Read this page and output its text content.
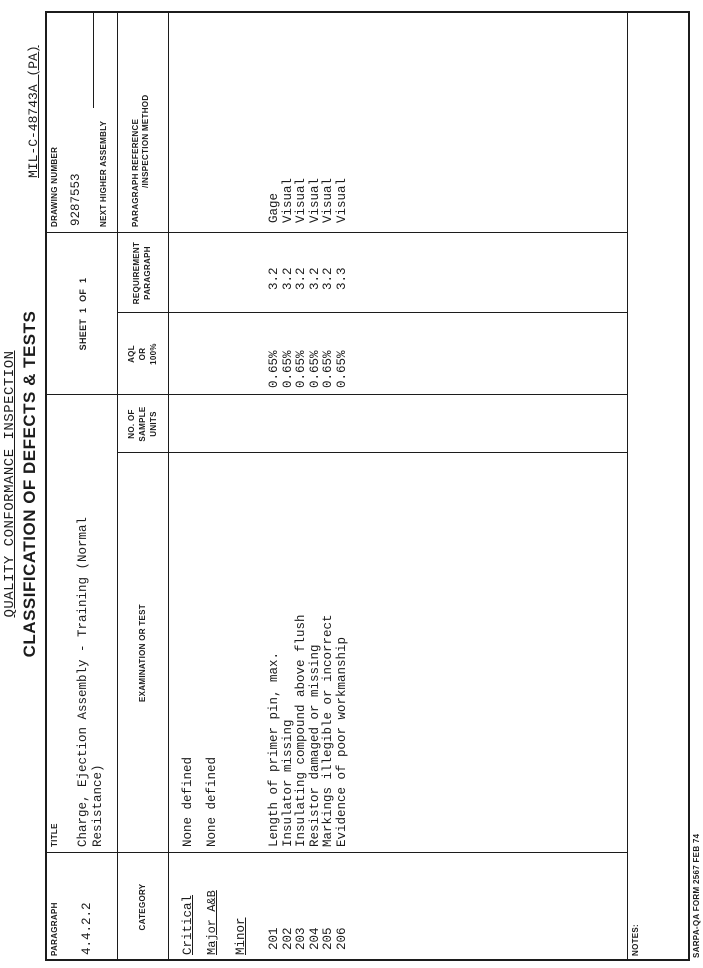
QUALITY CONFORMANCE INSPECTION CLASSIFICATION OF DEFECTS & TESTS
MIL-C-48743A (PA)
PARAGRAPH 4.4.2.2
TITLE Charge, Ejection Assembly - Training (Normal Resistance)
SHEET 1 OF 1
DRAWING NUMBER 9287553 NEXT HIGHER ASSEMBLY
CATEGORY
EXAMINATION OR TEST
NO. OF SAMPLE UNITS
AQL OR 100%
REQUIREMENT PARAGRAPH
PARAGRAPH REFERENCE /INSPECTION METHOD
Critical
None defined
Major A&B
None defined
Minor 201
Length of primer pin, max.
0.65%
3.2
Gage
202
Insulator missing
0.65%
3.2
Visual
203
Insulating compound above flush
0.65%
3.2
Visual
204
Resistor damaged or missing
0.65%
3.2
Visual
205
Markings illegible or incorrect
0.65%
3.2
Visual
206
Evidence of poor workmanship
0.65%
3.3
Visual
NOTES:	SARPA-QA FORM 2567 FEB 74
